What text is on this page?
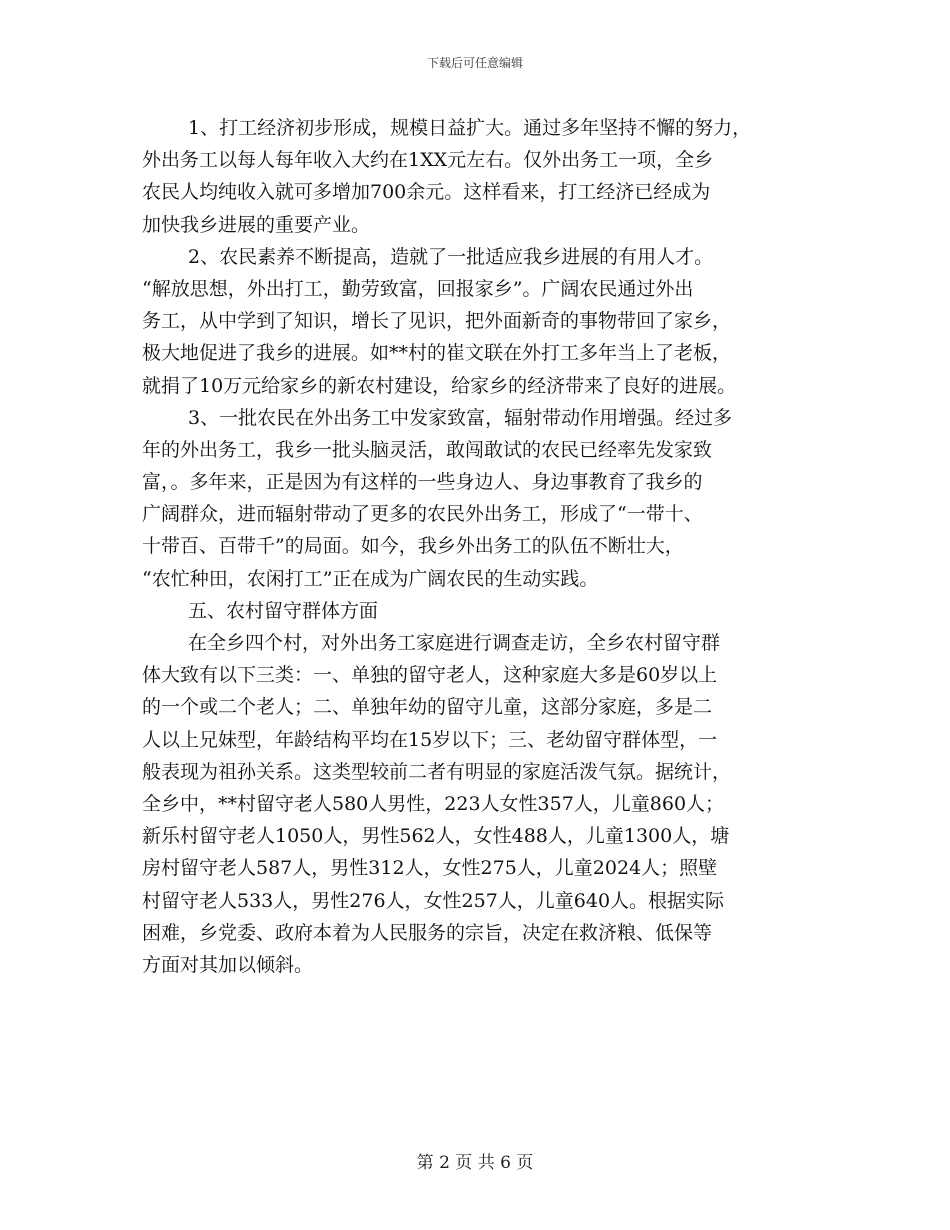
下载后可任意编辑
1、打工经济初步形成，规模日益扩大。通过多年坚持不懈的努力，
外出务工以每人每年收入大约在1XX元左右。仅外出务工一项，全乡
农民人均纯收入就可多增加700余元。这样看来，打工经济已经成为
加快我乡进展的重要产业。
2、农民素养不断提高，造就了一批适应我乡进展的有用人才。
“解放思想，外出打工，勤劳致富，回报家乡”。广阔农民通过外出
务工，从中学到了知识，增长了见识，把外面新奇的事物带回了家乡，
极大地促进了我乡的进展。如**村的崔文联在外打工多年当上了老板，
就捐了10万元给家乡的新农村建设，给家乡的经济带来了良好的进展。
3、一批农民在外出务工中发家致富，辐射带动作用增强。经过多
年的外出务工，我乡一批头脑灵活，敢闯敢试的农民已经率先发家致
富，。多年来，正是因为有这样的一些身边人、身边事教育了我乡的
广阔群众，进而辐射带动了更多的农民外出务工，形成了“一带十、
十带百、百带千”的局面。如今，我乡外出务工的队伍不断壮大，
“农忙种田，农闲打工”正在成为广阔农民的生动实践。
五、农村留守群体方面
在全乡四个村，对外出务工家庭进行调查走访，全乡农村留守群
体大致有以下三类：一、单独的留守老人，这种家庭大多是60岁以上
的一个或二个老人；二、单独年幼的留守儿童，这部分家庭，多是二
人以上兄妹型，年龄结构平均在15岁以下；三、老幼留守群体型，一
般表现为祖孙关系。这类型较前二者有明显的家庭活泼气氛。据统计，
全乡中，**村留守老人580人男性，223人女性357人，儿童860人；
新乐村留守老人1050人，男性562人，女性488人，儿童1300人，塘
房村留守老人587人，男性312人，女性275人，儿童2024人；照壁
村留守老人533人，男性276人，女性257人，儿童640人。根据实际
困难，乡党委、政府本着为人民服务的宗旨，决定在救济粮、低保等
方面对其加以倾斜。
第 2 页 共 6 页
